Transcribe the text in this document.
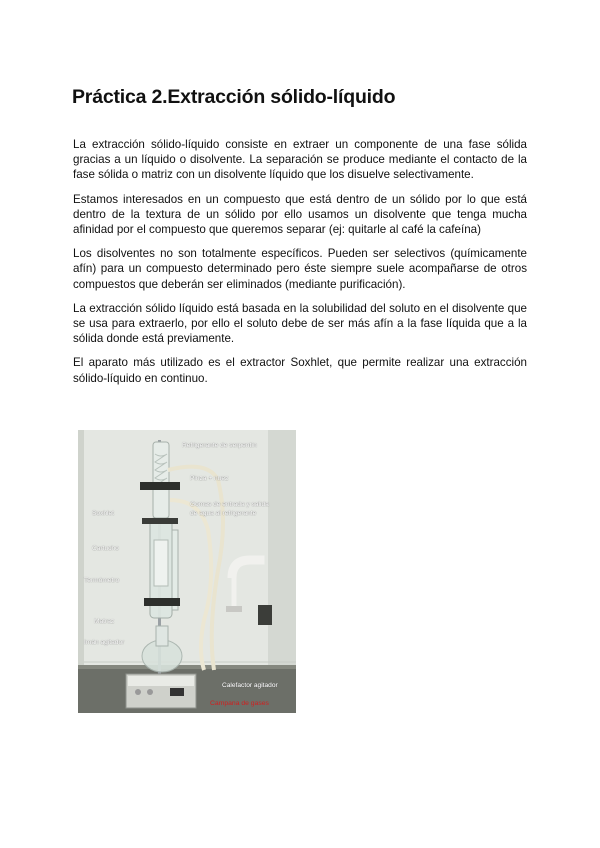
Práctica 2.Extracción sólido-líquido

La extracción sólido-líquido consiste en extraer un componente de una fase sólida gracias a un líquido o disolvente. La separación se produce mediante el contacto de la fase sólida o matriz con un disolvente líquido que los disuelve selectivamente.

Estamos interesados en un compuesto que está dentro de un sólido por lo que está dentro de la textura de un sólido por ello usamos un disolvente que tenga mucha afinidad por el compuesto que queremos separar (ej: quitarle al café la cafeína)

Los disolventes no son totalmente específicos. Pueden ser selectivos (químicamente afín) para un compuesto determinado pero éste siempre suele acompañarse de otros compuestos que deberán ser eliminados (mediante purificación).

La extracción sólido líquido está basada en la solubilidad del soluto en el disolvente que se usa para extraerlo, por ello el soluto debe de ser más afín a la fase líquida que a la sólida donde está previamente.

El aparato más utilizado es el extractor Soxhlet, que permite realizar una extracción sólido-líquido en continuo.

Refrigerante de serpentín
Pinza + nuez
Gomas de entrada y salida
de agua al refrigerante
Soxhlet
Cartucho
Termómetro
Matraz
Imán agitador
Calefactor agitador
Campana de gases
